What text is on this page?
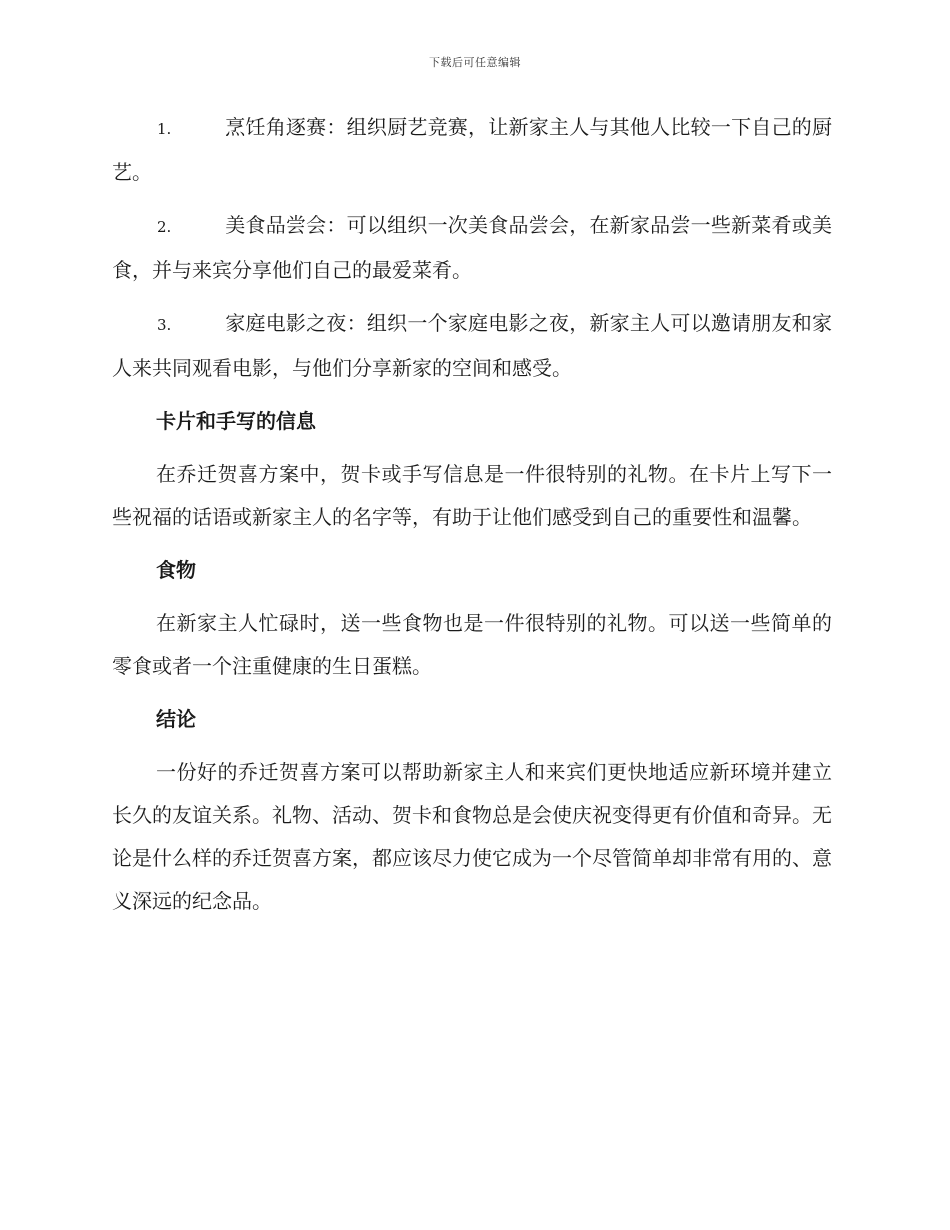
下载后可任意编辑

1.	烹饪角逐赛：组织厨艺竞赛，让新家主人与其他人比较一下自己的厨艺。

2.	美食品尝会：可以组织一次美食品尝会，在新家品尝一些新菜肴或美食，并与来宾分享他们自己的最爱菜肴。

3.	家庭电影之夜：组织一个家庭电影之夜，新家主人可以邀请朋友和家人来共同观看电影，与他们分享新家的空间和感受。

卡片和手写的信息

在乔迁贺喜方案中，贺卡或手写信息是一件很特别的礼物。在卡片上写下一些祝福的话语或新家主人的名字等，有助于让他们感受到自己的重要性和温馨。

食物

在新家主人忙碌时，送一些食物也是一件很特别的礼物。可以送一些简单的零食或者一个注重健康的生日蛋糕。

结论

一份好的乔迁贺喜方案可以帮助新家主人和来宾们更快地适应新环境并建立长久的友谊关系。礼物、活动、贺卡和食物总是会使庆祝变得更有价值和奇异。无论是什么样的乔迁贺喜方案，都应该尽力使它成为一个尽管简单却非常有用的、意义深远的纪念品。
